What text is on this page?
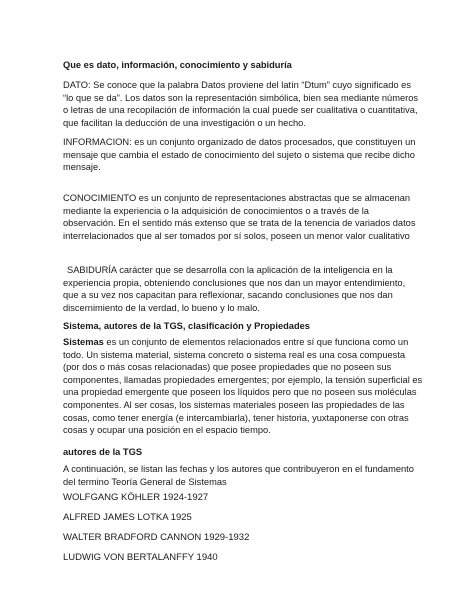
Que es dato, información, conocimiento y sabiduría

DATO: Se conoce que la palabra Datos proviene del latín “Dtum” cuyo significado es “lo que se da”. Los datos son la representación simbólica, bien sea mediante números o letras de una recopilación de información la cual puede ser cualitativa o cuantitativa, que facilitan la deducción de una investigación o un hecho.

INFORMACION: es un conjunto organizado de datos procesados, que constituyen un mensaje que cambia el estado de conocimiento del sujeto o sistema que recibe dicho mensaje.

CONOCIMIENTO es un conjunto de representaciones abstractas que se almacenan mediante la experiencia o la adquisición de conocimientos o a través de la observación. En el sentido más extenso que se trata de la tenencia de variados datos interrelacionados que al ser tomados por sí solos, poseen un menor valor cualitativo

SABIDURÍA carácter que se desarrolla con la aplicación de la inteligencia en la experiencia propia, obteniendo conclusiones que nos dan un mayor entendimiento, que a su vez nos capacitan para reflexionar, sacando conclusiones que nos dan discernimiento de la verdad, lo bueno y lo malo.

Sistema, autores de la TGS, clasificación y Propiedades

Sistemas es un conjunto de elementos relacionados entre sí que funciona como un todo. Un sistema material, sistema concreto o sistema real es una cosa compuesta (por dos o más cosas relacionadas) que posee propiedades que no poseen sus componentes, llamadas propiedades emergentes; por ejemplo, la tensión superficial es una propiedad emergente que poseen los líquidos pero que no poseen sus moléculas componentes. Al ser cosas, los sistemas materiales poseen las propiedades de las cosas, como tener energía (e intercambiarla), tener historia, yuxtaponerse con otras cosas y ocupar una posición en el espacio tiempo.

autores de la TGS

A continuación, se listan las fechas y los autores que contribuyeron en el fundamento del termino Teoría General de Sistemas

WOLFGANG KÖHLER 1924-1927

ALFRED JAMES LOTKA 1925

WALTER BRADFORD CANNON 1929-1932

LUDWIG VON BERTALANFFY 1940
